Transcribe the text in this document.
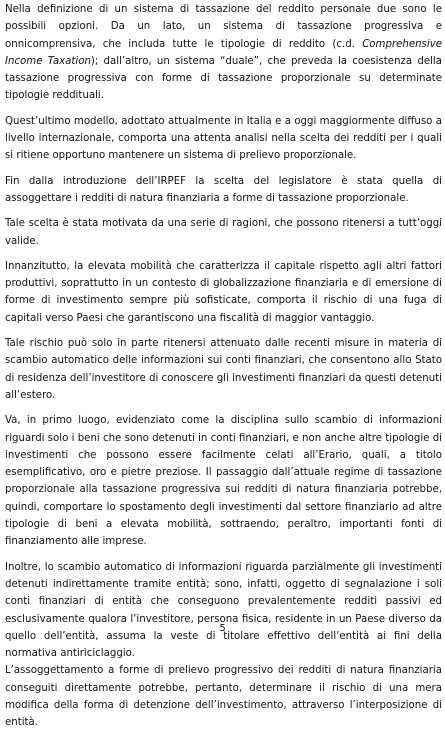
Nella definizione di un sistema di tassazione del reddito personale due sono le possibili opzioni. Da un lato, un sistema di tassazione progressiva e onnicomprensiva, che includa tutte le tipologie di reddito (c.d. Comprehensive Income Taxation); dall’altro, un sistema “duale”, che preveda la coesistenza della tassazione progressiva con forme di tassazione proporzionale su determinate tipologie reddituali.

Quest’ultimo modello, adottato attualmente in Italia e a oggi maggiormente diffuso a livello internazionale, comporta una attenta analisi nella scelta dei redditi per i quali si ritiene opportuno mantenere un sistema di prelievo proporzionale.

Fin dalla introduzione dell’IRPEF la scelta del legislatore è stata quella di assoggettare i redditi di natura finanziaria a forme di tassazione proporzionale.

Tale scelta è stata motivata da una serie di ragioni, che possono ritenersi a tutt’oggi valide.

Innanzitutto, la elevata mobilità che caratterizza il capitale rispetto agli altri fattori produttivi, soprattutto in un contesto di globalizzazione finanziaria e di emersione di forme di investimento sempre più sofisticate, comporta il rischio di una fuga di capitali verso Paesi che garantiscono una fiscalità di maggior vantaggio.

Tale rischio può solo in parte ritenersi attenuato dalle recenti misure in materia di scambio automatico delle informazioni sui conti finanziari, che consentono allo Stato di residenza dell’investitore di conoscere gli investimenti finanziari da questi detenuti all’estero.

Va, in primo luogo, evidenziato come la disciplina sullo scambio di informazioni riguardi solo i beni che sono detenuti in conti finanziari, e non anche altre tipologie di investimenti che possono essere facilmente celati all’Erario, quali, a titolo esemplificativo, oro e pietre preziose. Il passaggio dall’attuale regime di tassazione proporzionale alla tassazione progressiva sui redditi di natura finanziaria potrebbe, quindi, comportare lo spostamento degli investimenti dal settore finanziario ad altre tipologie di beni a elevata mobilità, sottraendo, peraltro, importanti fonti di finanziamento alle imprese.

Inoltre, lo scambio automatico di informazioni riguarda parzialmente gli investimenti detenuti indirettamente tramite entità; sono, infatti, oggetto di segnalazione i soli conti finanziari di entità che conseguono prevalentemente redditi passivi ed esclusivamente qualora l’investitore, persona fisica, residente in un Paese diverso da quello dell’entità, assuma la veste di titolare effettivo dell’entità ai fini della normativa antiriciclaggio.

L’assoggettamento a forme di prelievo progressivo dei redditi di natura finanziaria conseguiti direttamente potrebbe, pertanto, determinare il rischio di una mera modifica della forma di detenzione dell’investimento, attraverso l’interposizione di entità.

5
